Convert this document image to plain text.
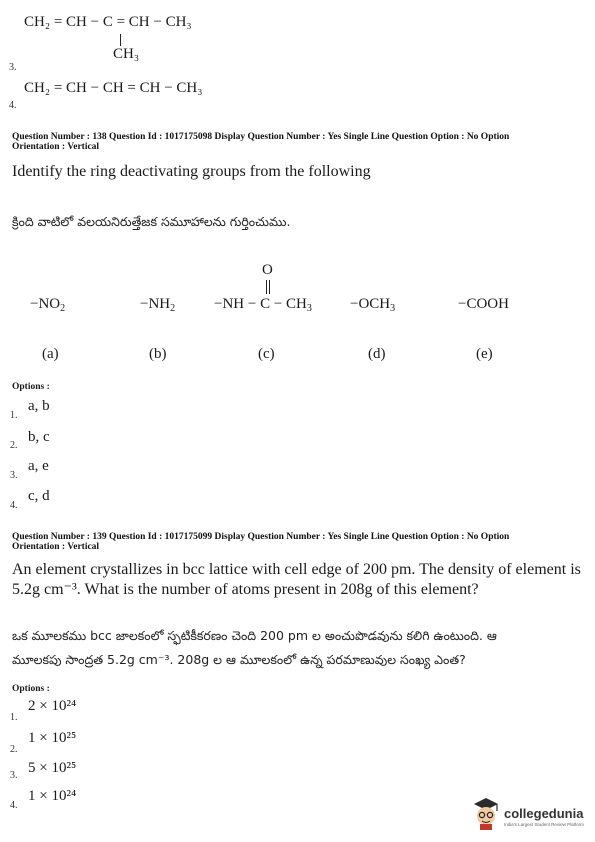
CH₂ = CH − C = CH − CH₃
CH₃
3.
CH₂ = CH − CH = CH − CH₃
4.
Question Number : 138 Question Id : 1017175098 Display Question Number : Yes Single Line Question Option : No Option
Orientation : Vertical
Identify the ring deactivating groups from the following
క్రింది వాటిలో వలయనిరుత్తేజక సమూహాలను గుర్తించుము.
$-NO_2$	$-NH_2$
O
$-NH - C - CH_3$	$-OCH_3$	−COOH
(a)	(b)	(c)	(d)	(e)
Options :
1.
a, b
2.
b, c
3.
a, e
4.
c, d
Question Number : 139 Question Id : 1017175099 Display Question Number : Yes Single Line Question Option : No Option
Orientation : Vertical
An element crystallizes in bcc lattice with cell edge of 200 pm. The density of element is
5.2g cm⁻³. What is the number of atoms present in 208g of this element?
ఒక మూలకము bcc జాలకంలో స్ఫటికీకరణం చెంది 200 pm ల అంచుపొడవును కలిగి ఉంటుంది. ఆ
మూలకపు సాంద్రత 5.2g cm⁻³. 208g ల ఆ మూలకంలో ఉన్న పరమాణువుల సంఖ్య ఎంత?
Options :
1.
2 × 10²⁴
2.
1 × 10²⁵
3. 5 × 10²⁵
4.
1 × 10²⁴
collegedunia
India's Largest Student Review Platform
